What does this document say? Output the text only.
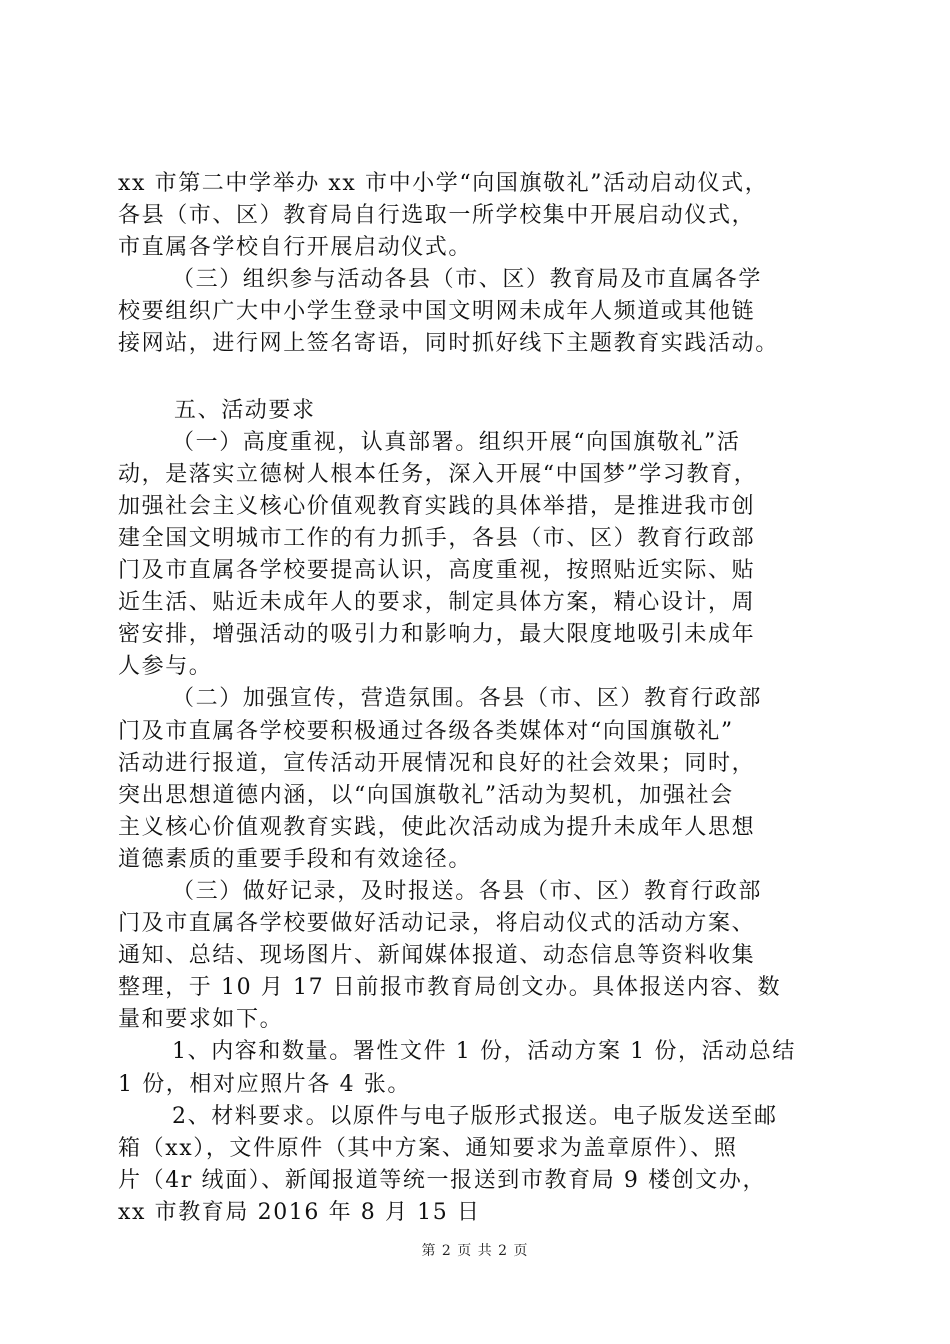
xx 市第二中学举办 xx 市中小学“向国旗敬礼”活动启动仪式，
各县（市、区）教育局自行选取一所学校集中开展启动仪式，
市直属各学校自行开展启动仪式。
（三）组织参与活动各县（市、区）教育局及市直属各学
校要组织广大中小学生登录中国文明网未成年人频道或其他链
接网站，进行网上签名寄语，同时抓好线下主题教育实践活动。
五、活动要求
（一）高度重视，认真部署。组织开展“向国旗敬礼”活
动，是落实立德树人根本任务，深入开展“中国梦”学习教育，
加强社会主义核心价值观教育实践的具体举措，是推进我市创
建全国文明城市工作的有力抓手，各县（市、区）教育行政部
门及市直属各学校要提高认识，高度重视，按照贴近实际、贴
近生活、贴近未成年人的要求，制定具体方案，精心设计，周
密安排，增强活动的吸引力和影响力，最大限度地吸引未成年
人参与。
（二）加强宣传，营造氛围。各县（市、区）教育行政部
门及市直属各学校要积极通过各级各类媒体对“向国旗敬礼”
活动进行报道，宣传活动开展情况和良好的社会效果；同时，
突出思想道德内涵，以“向国旗敬礼”活动为契机，加强社会
主义核心价值观教育实践，使此次活动成为提升未成年人思想
道德素质的重要手段和有效途径。
（三）做好记录，及时报送。各县（市、区）教育行政部
门及市直属各学校要做好活动记录，将启动仪式的活动方案、
通知、总结、现场图片、新闻媒体报道、动态信息等资料收集
整理，于 10 月 17 日前报市教育局创文办。具体报送内容、数
量和要求如下。
1、内容和数量。署性文件 1 份，活动方案 1 份，活动总结
1 份，相对应照片各 4 张。
2、材料要求。以原件与电子版形式报送。电子版发送至邮
箱（xx），文件原件（其中方案、通知要求为盖章原件）、照
片（4r 绒面）、新闻报道等统一报送到市教育局 9 楼创文办，
xx 市教育局 2016 年 8 月 15 日
第 2 页 共 2 页
